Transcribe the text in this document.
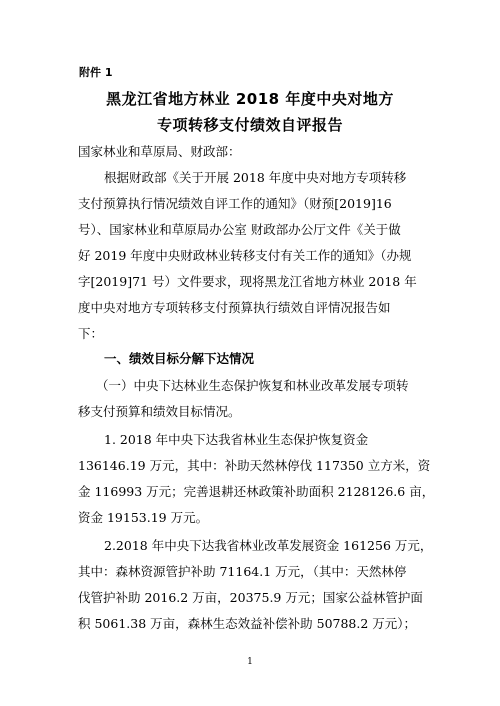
附件 1
黑龙江省地方林业 2018 年度中央对地方
专项转移支付绩效自评报告
国家林业和草原局、财政部：
根据财政部《关于开展 2018 年度中央对地方专项转移
支付预算执行情况绩效自评工作的通知》（财预[2019]16
号）、国家林业和草原局办公室 财政部办公厅文件《关于做
好 2019 年度中央财政林业转移支付有关工作的通知》（办规
字[2019]71 号）文件要求，现将黑龙江省地方林业 2018 年
度中央对地方专项转移支付预算执行绩效自评情况报告如
下：
一、绩效目标分解下达情况
（一）中央下达林业生态保护恢复和林业改革发展专项转
移支付预算和绩效目标情况。
1. 2018 年中央下达我省林业生态保护恢复资金
136146.19 万元，其中：补助天然林停伐 117350 立方米，资
金 116993 万元；完善退耕还林政策补助面积 2128126.6 亩，
资金 19153.19 万元。
2.2018 年中央下达我省林业改革发展资金 161256 万元，
其中：森林资源管护补助 71164.1 万元，（其中：天然林停
伐管护补助 2016.2 万亩，20375.9 万元；国家公益林管护面
积 5061.38 万亩，森林生态效益补偿补助 50788.2 万元）；
1
